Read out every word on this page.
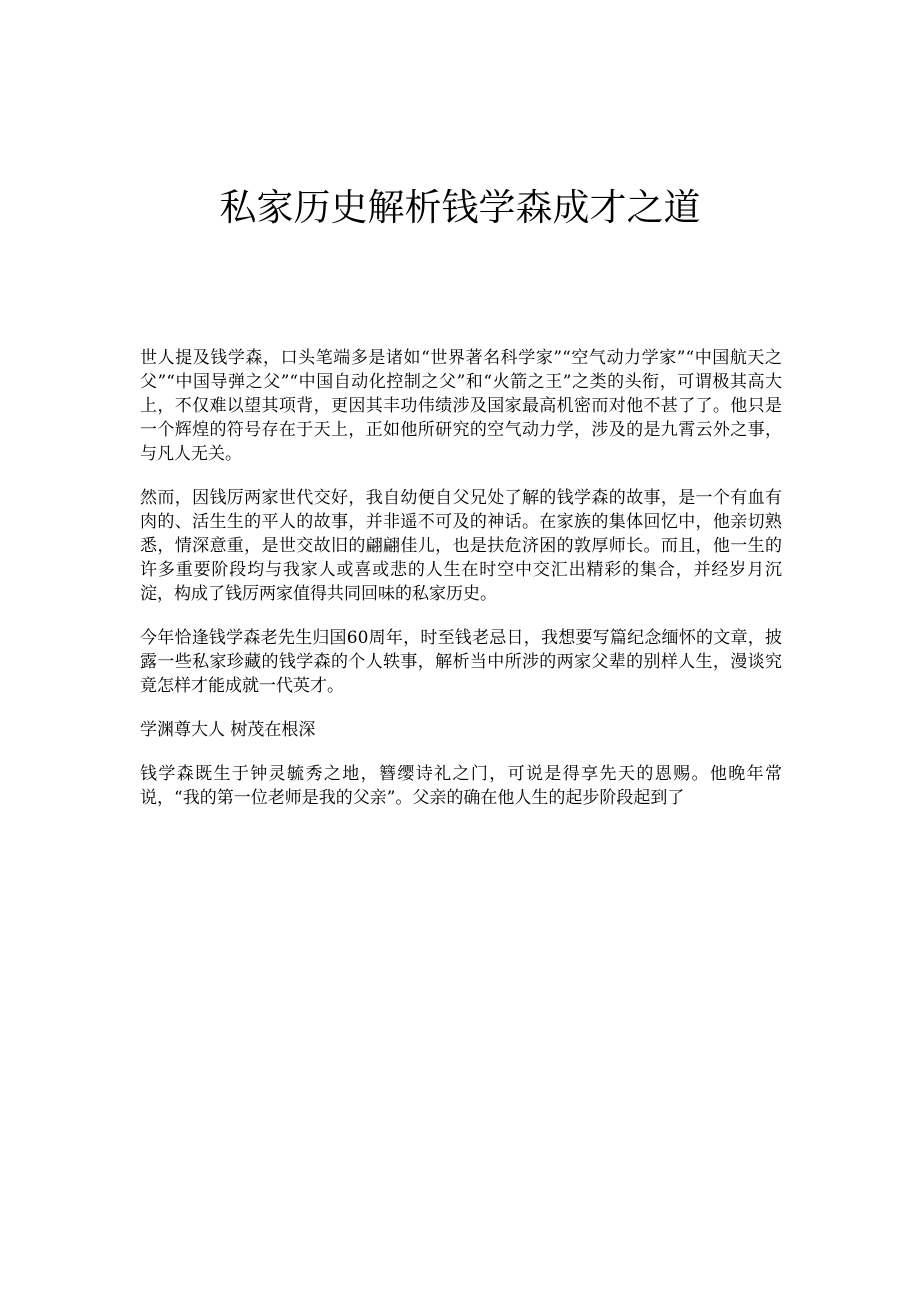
私家历史解析钱学森成才之道

世人提及钱学森，口头笔端多是诸如“世界著名科学家”“空气动力学家”“中国航天之父”“中国导弹之父”“中国自动化控制之父”和“火箭之王”之类的头衔，可谓极其高大上，不仅难以望其项背，更因其丰功伟绩涉及国家最高机密而对他不甚了了。他只是一个辉煌的符号存在于天上，正如他所研究的空气动力学，涉及的是九霄云外之事，与凡人无关。

然而，因钱厉两家世代交好，我自幼便自父兄处了解的钱学森的故事，是一个有血有肉的、活生生的平人的故事，并非遥不可及的神话。在家族的集体回忆中，他亲切熟悉，情深意重，是世交故旧的翩翩佳儿，也是扶危济困的敦厚师长。而且，他一生的许多重要阶段均与我家人或喜或悲的人生在时空中交汇出精彩的集合，并经岁月沉淀，构成了钱厉两家值得共同回味的私家历史。

今年恰逢钱学森老先生归国60周年，时至钱老忌日，我想要写篇纪念缅怀的文章，披露一些私家珍藏的钱学森的个人轶事，解析当中所涉的两家父辈的别样人生，漫谈究竟怎样才能成就一代英才。

学渊尊大人 树茂在根深

钱学森既生于钟灵毓秀之地，簪缨诗礼之门，可说是得享先天的恩赐。他晚年常说，“我的第一位老师是我的父亲”。父亲的确在他人生的起步阶段起到了
